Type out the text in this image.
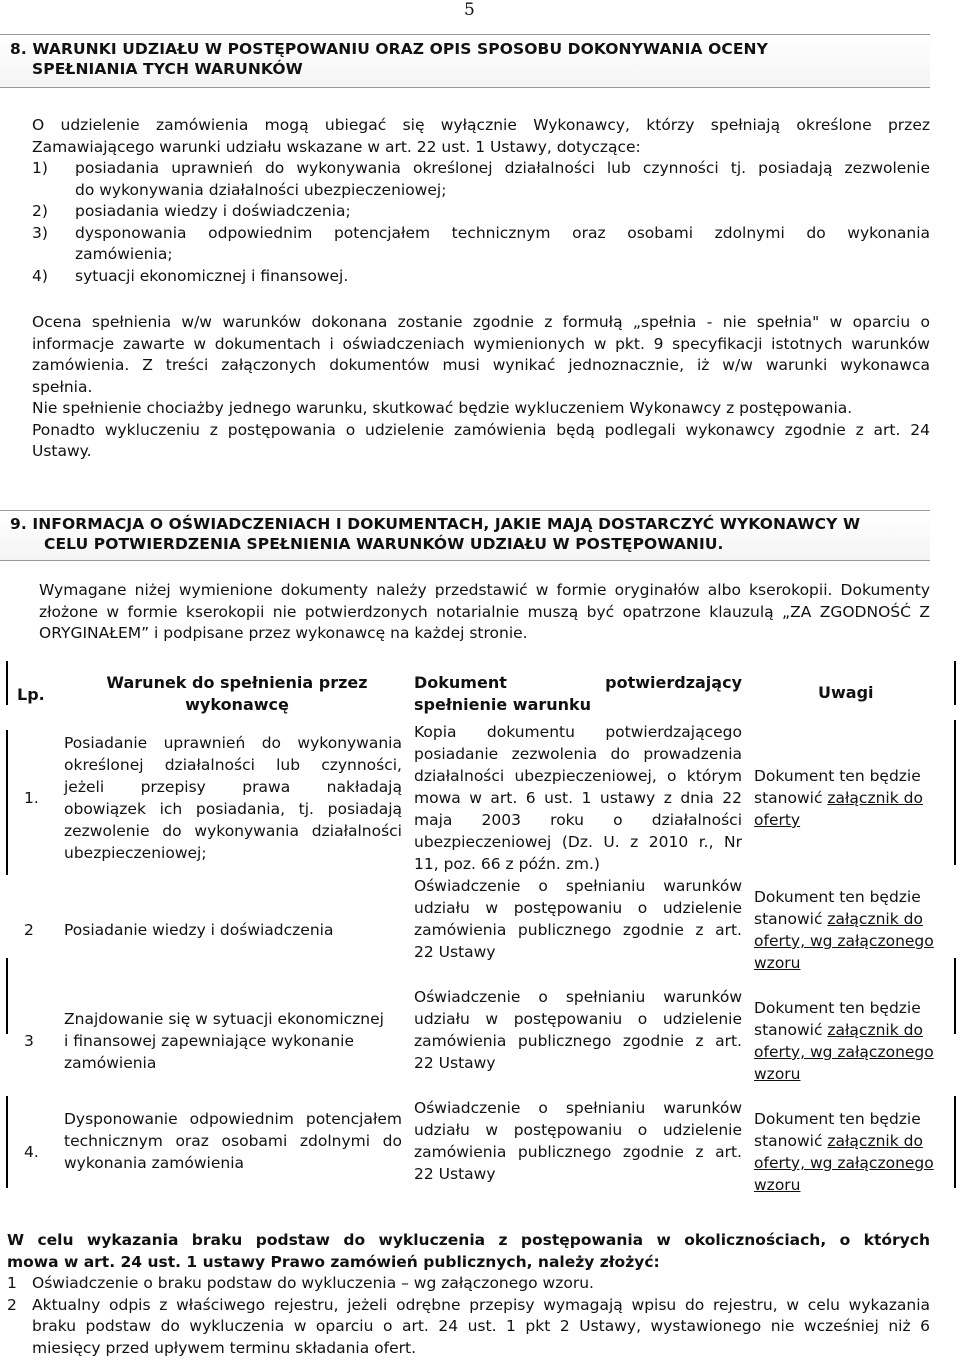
5
8. WARUNKI UDZIAŁU W POSTĘPOWANIU ORAZ OPIS SPOSOBU DOKONYWANIA OCENY
SPEŁNIANIA TYCH WARUNKÓW
O udzielenie zamówienia mogą ubiegać się wyłącznie Wykonawcy, którzy spełniają określone przez
Zamawiającego warunki udziału wskazane w art. 22 ust. 1 Ustawy, dotyczące:
1) posiadania uprawnień do wykonywania określonej działalności lub czynności tj. posiadają zezwolenie
do wykonywania działalności ubezpieczeniowej;
2) posiadania wiedzy i doświadczenia;
3) dysponowania odpowiednim potencjałem technicznym oraz osobami zdolnymi do wykonania
zamówienia;
4) sytuacji ekonomicznej i finansowej.
Ocena spełnienia w/w warunków dokonana zostanie zgodnie z formułą „spełnia - nie spełnia" w oparciu o
informacje zawarte w dokumentach i oświadczeniach wymienionych w pkt. 9 specyfikacji istotnych warunków
zamówienia. Z treści załączonych dokumentów musi wynikać jednoznacznie, iż w/w warunki wykonawca
spełnia.
Nie spełnienie chociażby jednego warunku, skutkować będzie wykluczeniem Wykonawcy z postępowania.
Ponadto wykluczeniu z postępowania o udzielenie zamówienia będą podlegali wykonawcy zgodnie z art. 24
Ustawy.
9. INFORMACJA O OŚWIADCZENIACH I DOKUMENTACH, JAKIE MAJĄ DOSTARCZYĆ WYKONAWCY W
CELU POTWIERDZENIA SPEŁNIENIA WARUNKÓW UDZIAŁU W POSTĘPOWANIU.
Wymagane niżej wymienione dokumenty należy przedstawić w formie oryginałów albo kserokopii. Dokumenty
złożone w formie kserokopii nie potwierdzonych notarialnie muszą być opatrzone klauzulą „ZA ZGODNOŚĆ Z
ORYGINAŁEM” i podpisane przez wykonawcę na każdej stronie.
Lp.
Warunek do spełnienia przez
wykonawcę
Dokument potwierdzający
spełnienie warunku
Uwagi
1.
Posiadanie uprawnień do wykonywania
określonej działalności lub czynności,
jeżeli przepisy prawa nakładają
obowiązek ich posiadania, tj. posiadają
zezwolenie do wykonywania działalności
ubezpieczeniowej;
Kopia dokumentu potwierdzającego
posiadanie zezwolenia do prowadzenia
działalności ubezpieczeniowej, o którym
mowa w art. 6 ust. 1 ustawy z dnia 22
maja 2003 roku o działalności
ubezpieczeniowej (Dz. U. z 2010 r., Nr
11, poz. 66 z późn. zm.)
Dokument ten będzie
stanowić załącznik do
oferty
2 Posiadanie wiedzy i doświadczenia
Oświadczenie o spełnianiu warunków
udziału w postępowaniu o udzielenie
zamówienia publicznego zgodnie z art.
22 Ustawy
Dokument ten będzie
stanowić załącznik do
oferty, wg załączonego
wzoru
3
Znajdowanie się w sytuacji ekonomicznej
i finansowej zapewniające wykonanie
zamówienia
Oświadczenie o spełnianiu warunków
udziału w postępowaniu o udzielenie
zamówienia publicznego zgodnie z art.
22 Ustawy
Dokument ten będzie
stanowić załącznik do
oferty, wg załączonego
wzoru
4.
Dysponowanie odpowiednim potencjałem
technicznym oraz osobami zdolnymi do
wykonania zamówienia
Oświadczenie o spełnianiu warunków
udziału w postępowaniu o udzielenie
zamówienia publicznego zgodnie z art.
22 Ustawy
Dokument ten będzie
stanowić załącznik do
oferty, wg załączonego
wzoru
W celu wykazania braku podstaw do wykluczenia z postępowania w okolicznościach, o których
mowa w art. 24 ust. 1 ustawy Prawo zamówień publicznych, należy złożyć:
1 Oświadczenie o braku podstaw do wykluczenia – wg załączonego wzoru.
2 Aktualny odpis z właściwego rejestru, jeżeli odrębne przepisy wymagają wpisu do rejestru, w celu wykazania
braku podstaw do wykluczenia w oparciu o art. 24 ust. 1 pkt 2 Ustawy, wystawionego nie wcześniej niż 6
miesięcy przed upływem terminu składania ofert.
